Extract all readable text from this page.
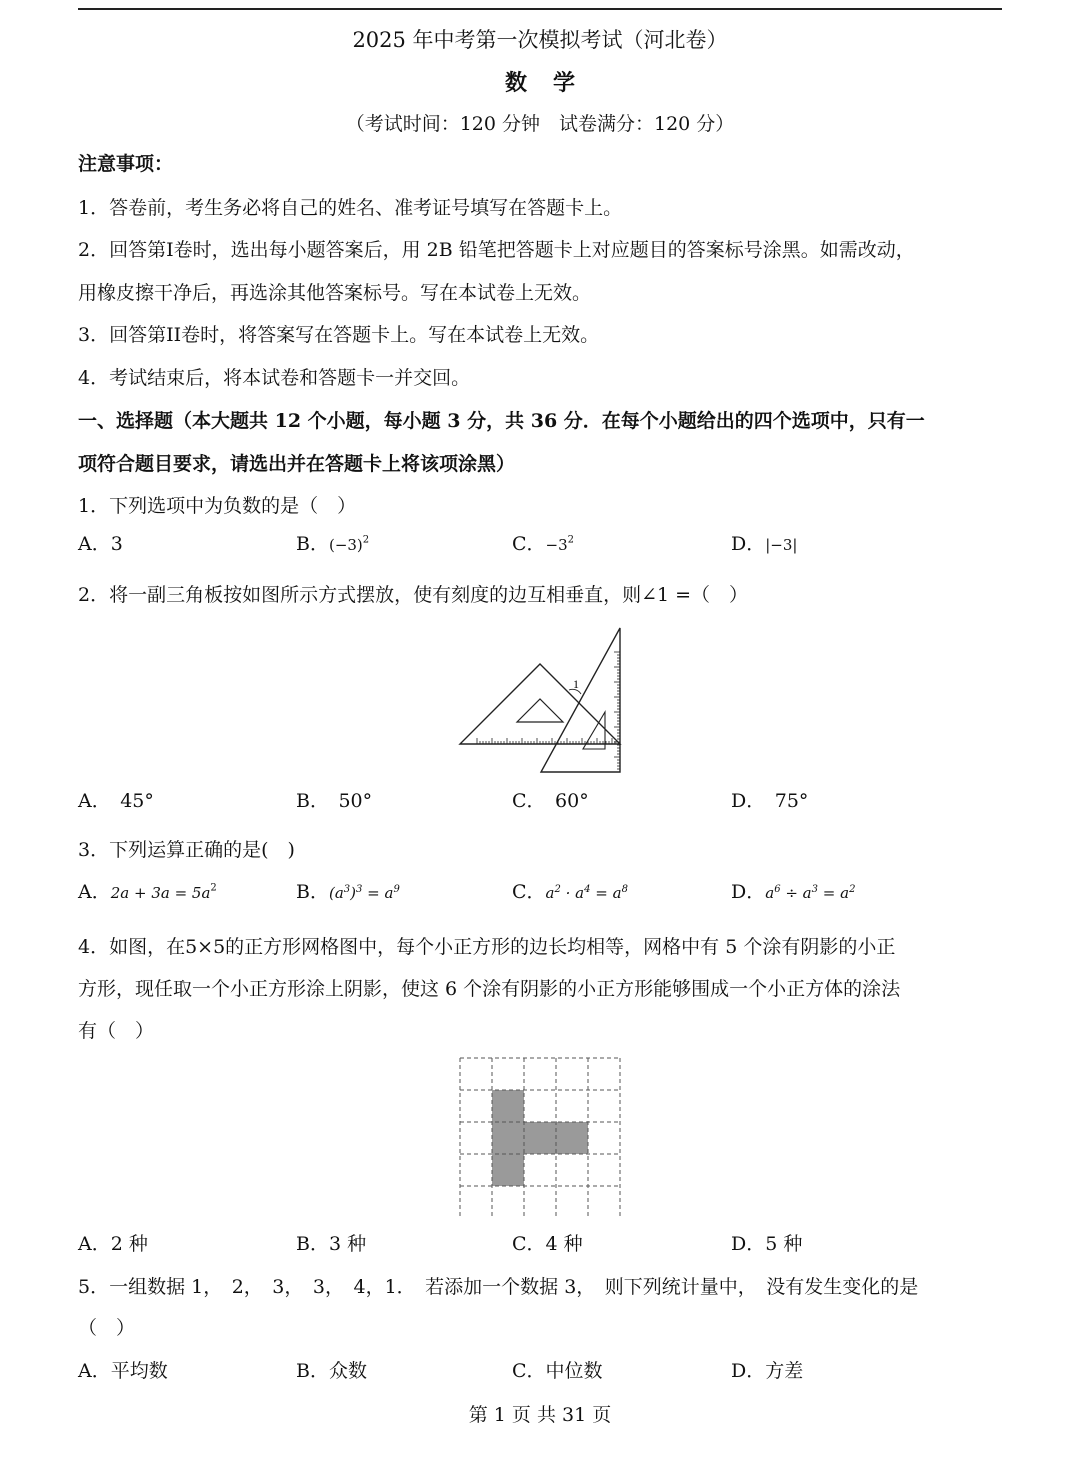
2025 年中考第一次模拟考试（河北卷）
数学
（考试时间：120 分钟　试卷满分：120 分）
注意事项：
1．答卷前，考生务必将自己的姓名、准考证号填写在答题卡上。
2．回答第I卷时，选出每小题答案后，用 2B 铅笔把答题卡上对应题目的答案标号涂黑。如需改动，
用橡皮擦干净后，再选涂其他答案标号。写在本试卷上无效。
3．回答第II卷时，将答案写在答题卡上。写在本试卷上无效。
4．考试结束后，将本试卷和答题卡一并交回。
一、选择题（本大题共 12 个小题，每小题 3 分，共 36 分．在每个小题给出的四个选项中，只有一
项符合题目要求，请选出并在答题卡上将该项涂黑）
1．下列选项中为负数的是（　）
A．3	B．$(-3)^2$	C．$-3^2$	D．|−3|
2．将一副三角板按如图所示方式摆放，使有刻度的边互相垂直，则∠1 =（　）
1
A．　45°	B．　50°	C．　60°	D．　75°
3．下列运算正确的是(　)
A．$2a + 3a = 5a^2$	B．$(a^3)^3 = a^9$	C．$a^2 \cdot a^4 = a^8$	D．$a^6 \div a^3 = a^2$
4．如图，在5×5的正方形网格图中，每个小正方形的边长均相等，网格中有 5 个涂有阴影的小正
方形，现任取一个小正方形涂上阴影，使这 6 个涂有阴影的小正方形能够围成一个小正方体的涂法
有（　）
A．2 种	B．3 种	C．4 种	D．5 种
5．一组数据 1，　2，　3，　3，　4，1．　若添加一个数据 3，　则下列统计量中，　没有发生变化的是
（　）
A．平均数	B．众数	C．中位数	D．方差
第 1 页 共 31 页
